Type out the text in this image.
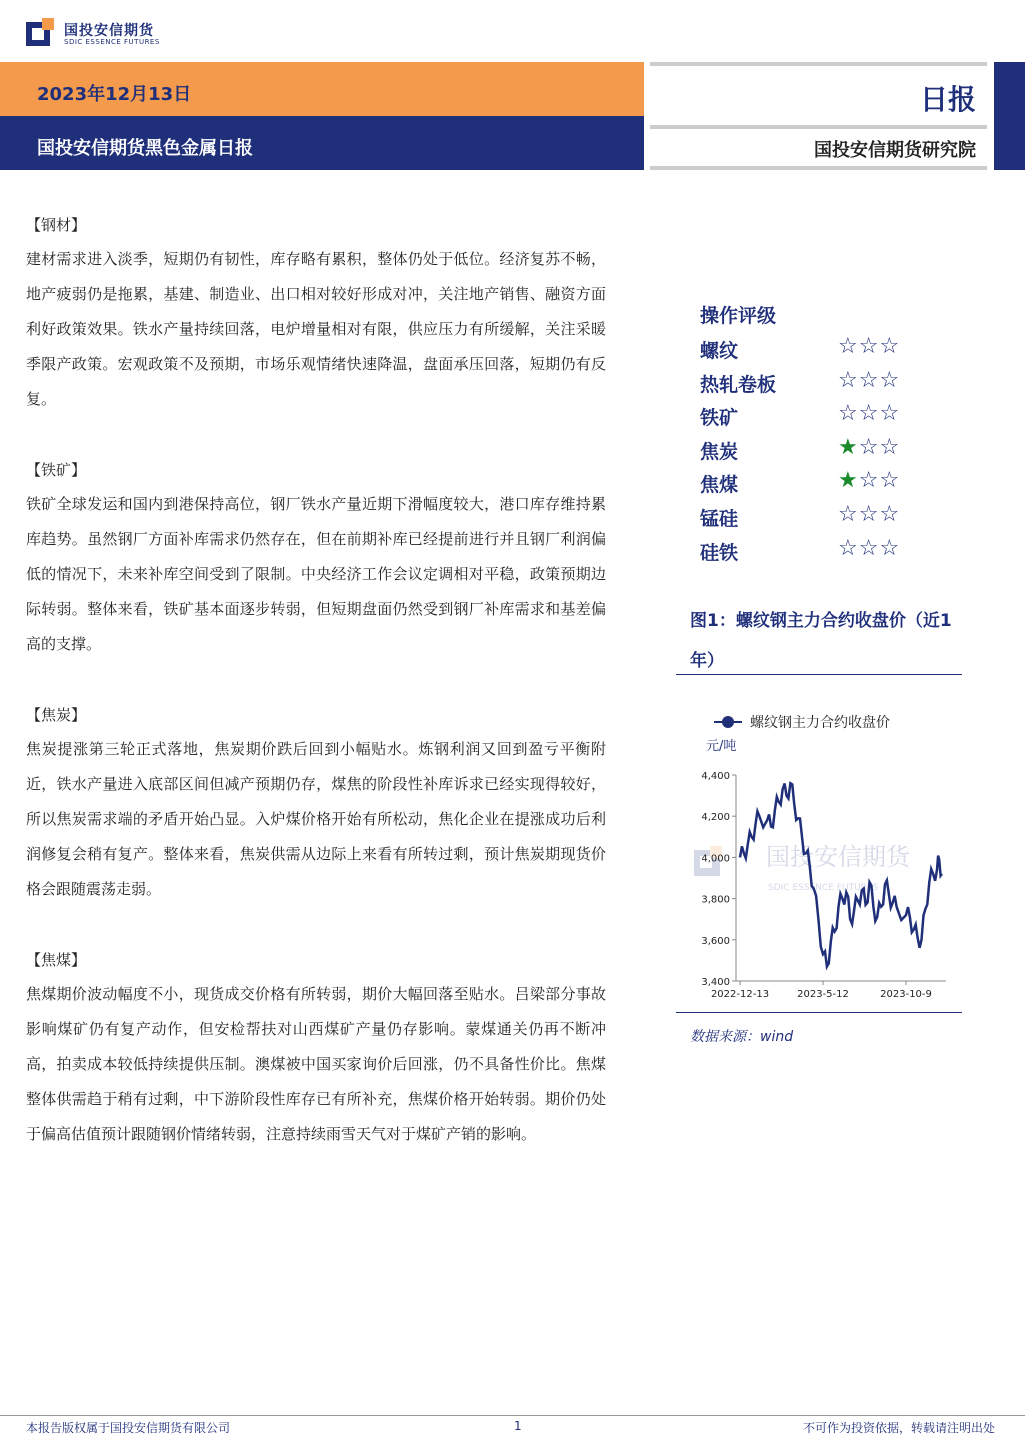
国投安信期货
SDIC ESSENCE FUTURES
2023年12月13日
国投安信期货黑色金属日报
日报
国投安信期货研究院
【钢材】
建材需求进入淡季，短期仍有韧性，库存略有累积，整体仍处于低位。经济复苏不畅，地产疲弱仍是拖累，基建、制造业、出口相对较好形成对冲，关注地产销售、融资方面利好政策效果。铁水产量持续回落，电炉增量相对有限，供应压力有所缓解，关注采暖季限产政策。宏观政策不及预期，市场乐观情绪快速降温，盘面承压回落，短期仍有反复。
【铁矿】
铁矿全球发运和国内到港保持高位，钢厂铁水产量近期下滑幅度较大，港口库存维持累库趋势。虽然钢厂方面补库需求仍然存在，但在前期补库已经提前进行并且钢厂利润偏低的情况下，未来补库空间受到了限制。中央经济工作会议定调相对平稳，政策预期边际转弱。整体来看，铁矿基本面逐步转弱，但短期盘面仍然受到钢厂补库需求和基差偏高的支撑。
【焦炭】
焦炭提涨第三轮正式落地，焦炭期价跌后回到小幅贴水。炼钢利润又回到盈亏平衡附近，铁水产量进入底部区间但减产预期仍存，煤焦的阶段性补库诉求已经实现得较好，所以焦炭需求端的矛盾开始凸显。入炉煤价格开始有所松动，焦化企业在提涨成功后利润修复会稍有复产。整体来看，焦炭供需从边际上来看有所转过剩，预计焦炭期现货价格会跟随震荡走弱。
【焦煤】
焦煤期价波动幅度不小，现货成交价格有所转弱，期价大幅回落至贴水。吕梁部分事故影响煤矿仍有复产动作，但安检帮扶对山西煤矿产量仍存影响。蒙煤通关仍再不断冲高，拍卖成本较低持续提供压制。澳煤被中国买家询价后回涨，仍不具备性价比。焦煤整体供需趋于稍有过剩，中下游阶段性库存已有所补充，焦煤价格开始转弱。期价仍处于偏高估值预计跟随钢价情绪转弱，注意持续雨雪天气对于煤矿产销的影响。
操作评级
螺纹	☆☆☆
热轧卷板	☆☆☆
铁矿	☆☆☆
焦炭	★☆☆
焦煤	★☆☆
锰硅	☆☆☆
硅铁	☆☆☆
图1：螺纹钢主力合约收盘价（近1年）
国投安信期货
SDIC ESSENCE FUTURES
螺纹钢主力合约收盘价
元/吨
3,400
3,600
3,800
4,000
4,200
4,400
2022-12-13	2023-5-12	2023-10-9
数据来源：wind
本报告版权属于国投安信期货有限公司	1	不可作为投资依据，转载请注明出处
